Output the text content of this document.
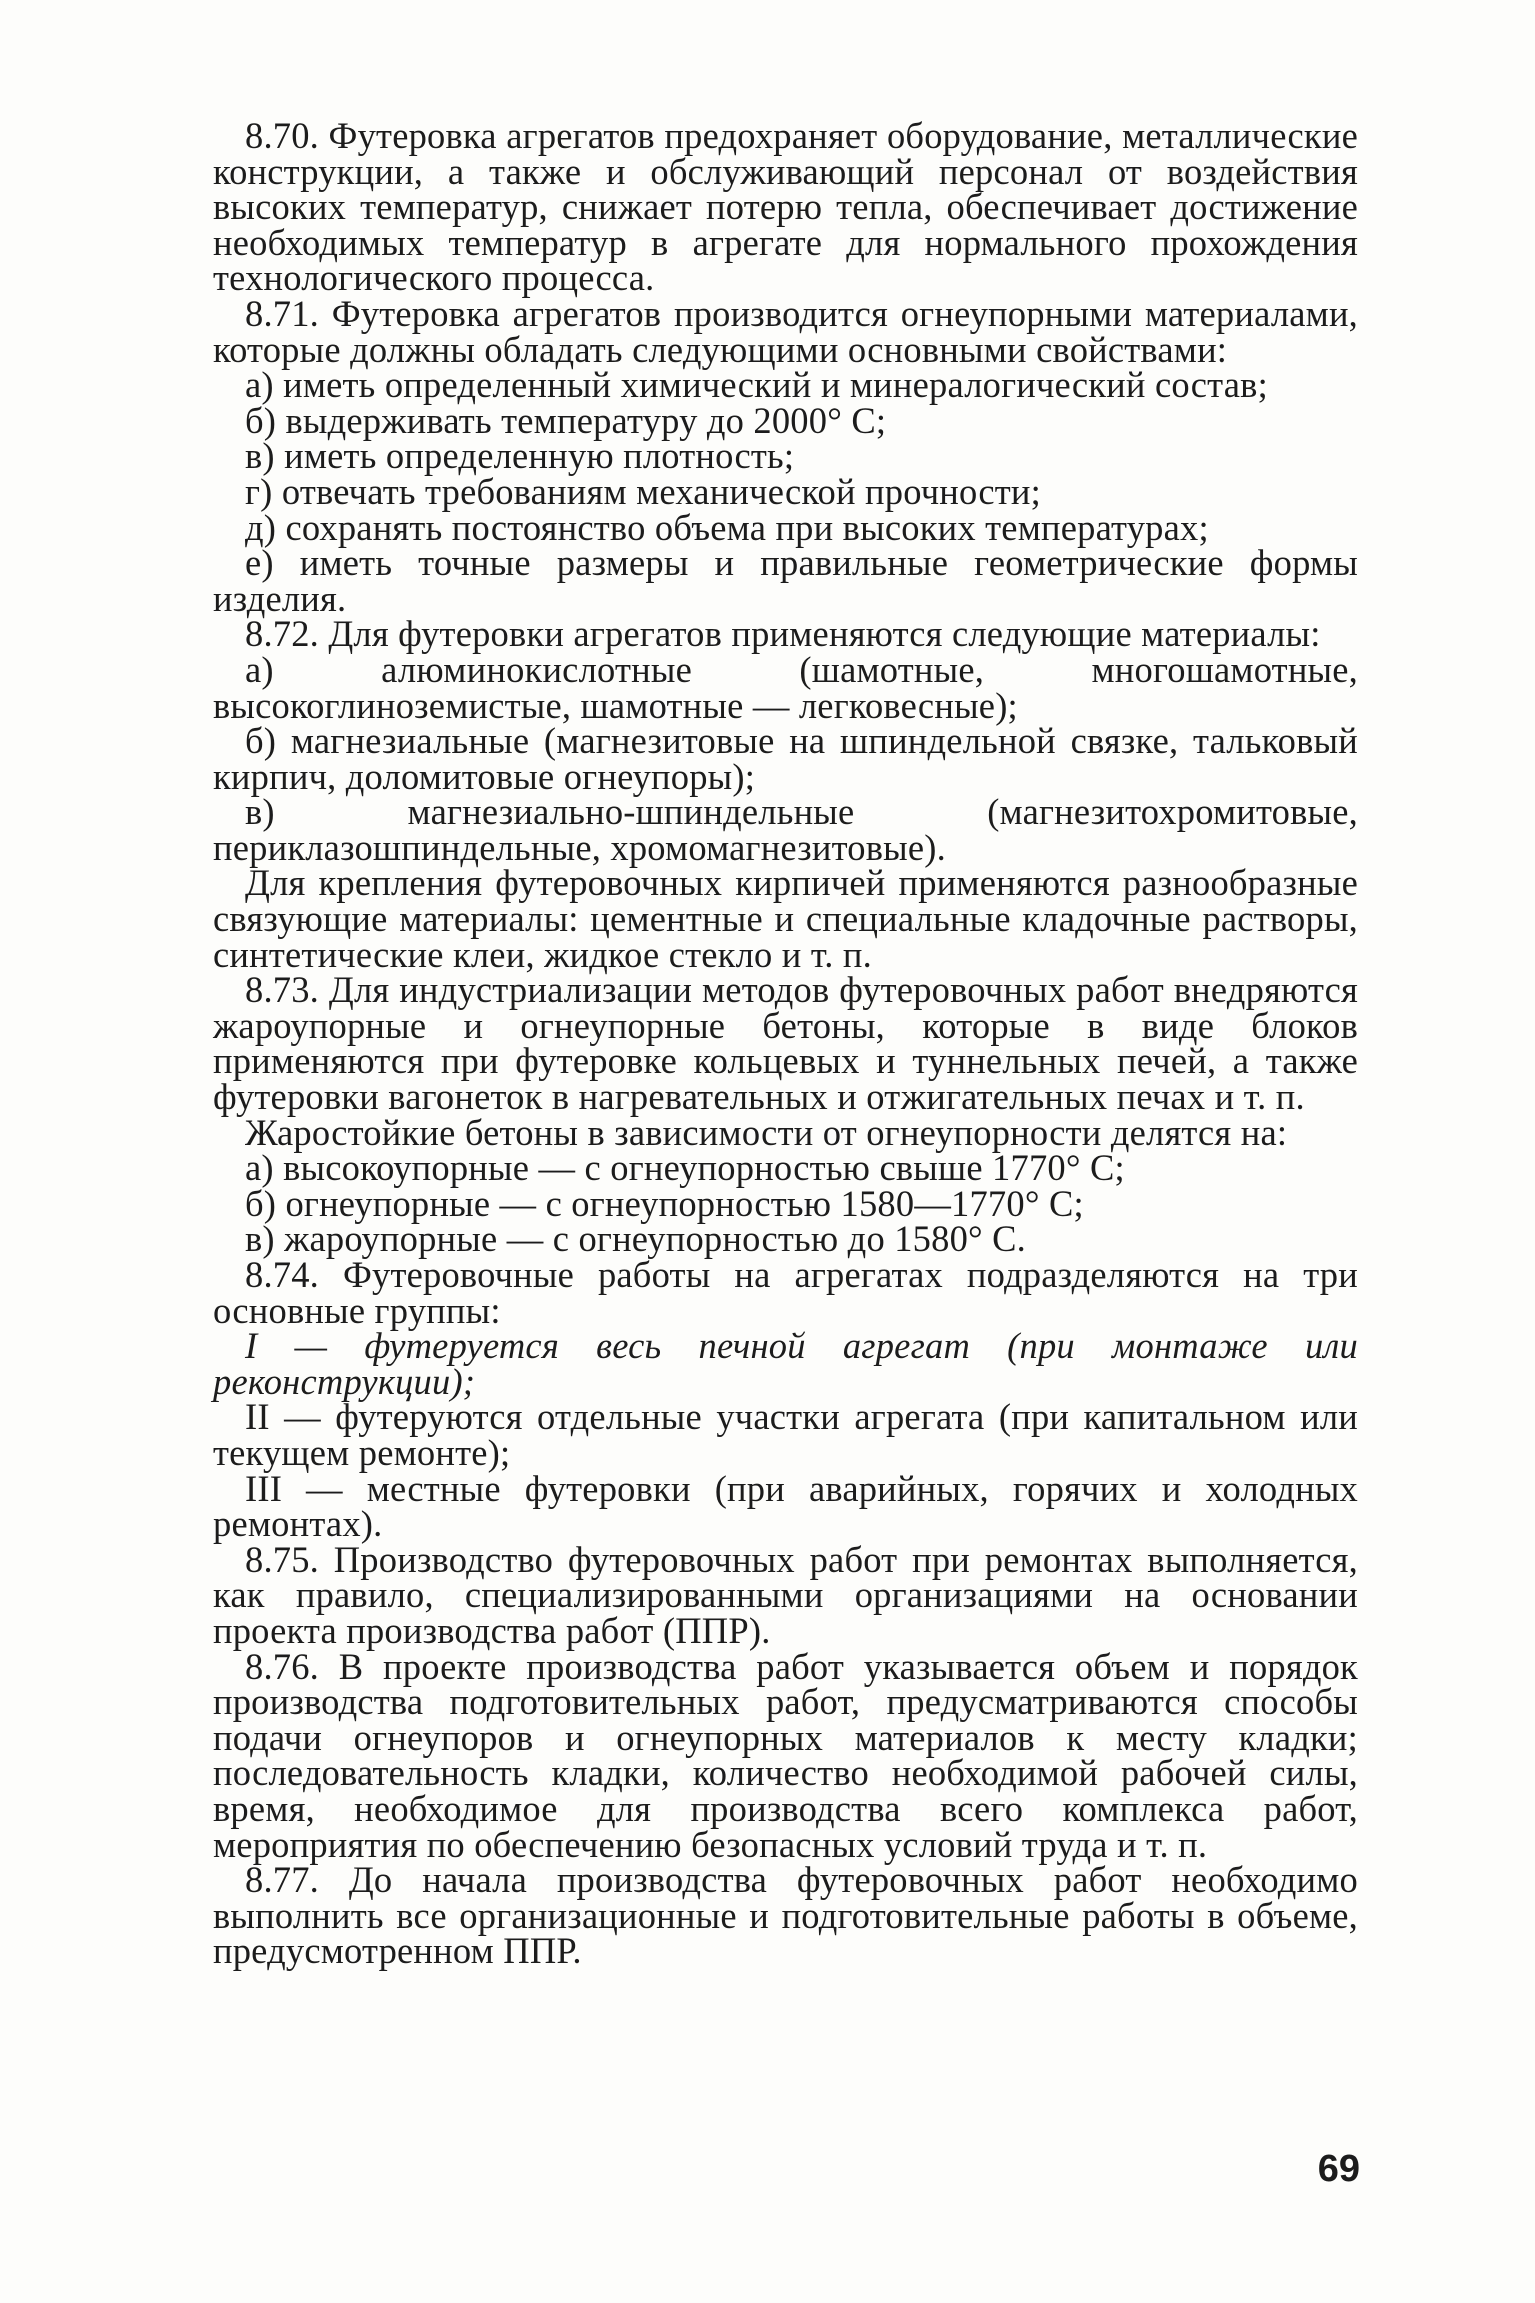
8.70. Футеровка агрегатов предохраняет оборудование, металлические конструкции, а также и обслуживающий персонал от воздействия высоких температур, снижает потерю тепла, обеспечивает достижение необходимых температур в агрегате для нормального прохождения технологического процесса.

8.71. Футеровка агрегатов производится огнеупорными материалами, которые должны обладать следующими основными свойствами:

а) иметь определенный химический и минералогический состав;

б) выдерживать температуру до 2000° С;

в) иметь определенную плотность;

г) отвечать требованиям механической прочности;

д) сохранять постоянство объема при высоких температурах;

е) иметь точные размеры и правильные геометрические формы изделия.

8.72. Для футеровки агрегатов применяются следующие материалы:

а) алюминокислотные (шамотные, многошамотные, высокоглиноземистые, шамотные — легковесные);

б) магнезиальные (магнезитовые на шпиндельной связке, тальковый кирпич, доломитовые огнеупоры);

в) магнезиально-шпиндельные (магнезитохромитовые, периклазошпиндельные, хромомагнезитовые).

Для крепления футеровочных кирпичей применяются разнообразные связующие материалы: цементные и специальные кладочные растворы, синтетические клеи, жидкое стекло и т. п.

8.73. Для индустриализации методов футеровочных работ внедряются жароупорные и огнеупорные бетоны, которые в виде блоков применяются при футеровке кольцевых и туннельных печей, а также футеровки вагонеток в нагревательных и отжигательных печах и т. п.

Жаростойкие бетоны в зависимости от огнеупорности делятся на:

а) высокоупорные — с огнеупорностью свыше 1770° С;

б) огнеупорные — с огнеупорностью 1580—1770° С;

в) жароупорные — с огнеупорностью до 1580° С.

8.74. Футеровочные работы на агрегатах подразделяются на три основные группы:

I — футеруется весь печной агрегат (при монтаже или реконструкции);

II — футеруются отдельные участки агрегата (при капитальном или текущем ремонте);

III — местные футеровки (при аварийных, горячих и холодных ремонтах).

8.75. Производство футеровочных работ при ремонтах выполняется, как правило, специализированными организациями на основании проекта производства работ (ППР).

8.76. В проекте производства работ указывается объем и порядок производства подготовительных работ, предусматриваются способы подачи огнеупоров и огнеупорных материалов к месту кладки; последовательность кладки, количество необходимой рабочей силы, время, необходимое для производства всего комплекса работ, мероприятия по обеспечению безопасных условий труда и т. п.

8.77. До начала производства футеровочных работ необходимо выполнить все организационные и подготовительные работы в объеме, предусмотренном ППР.

69
